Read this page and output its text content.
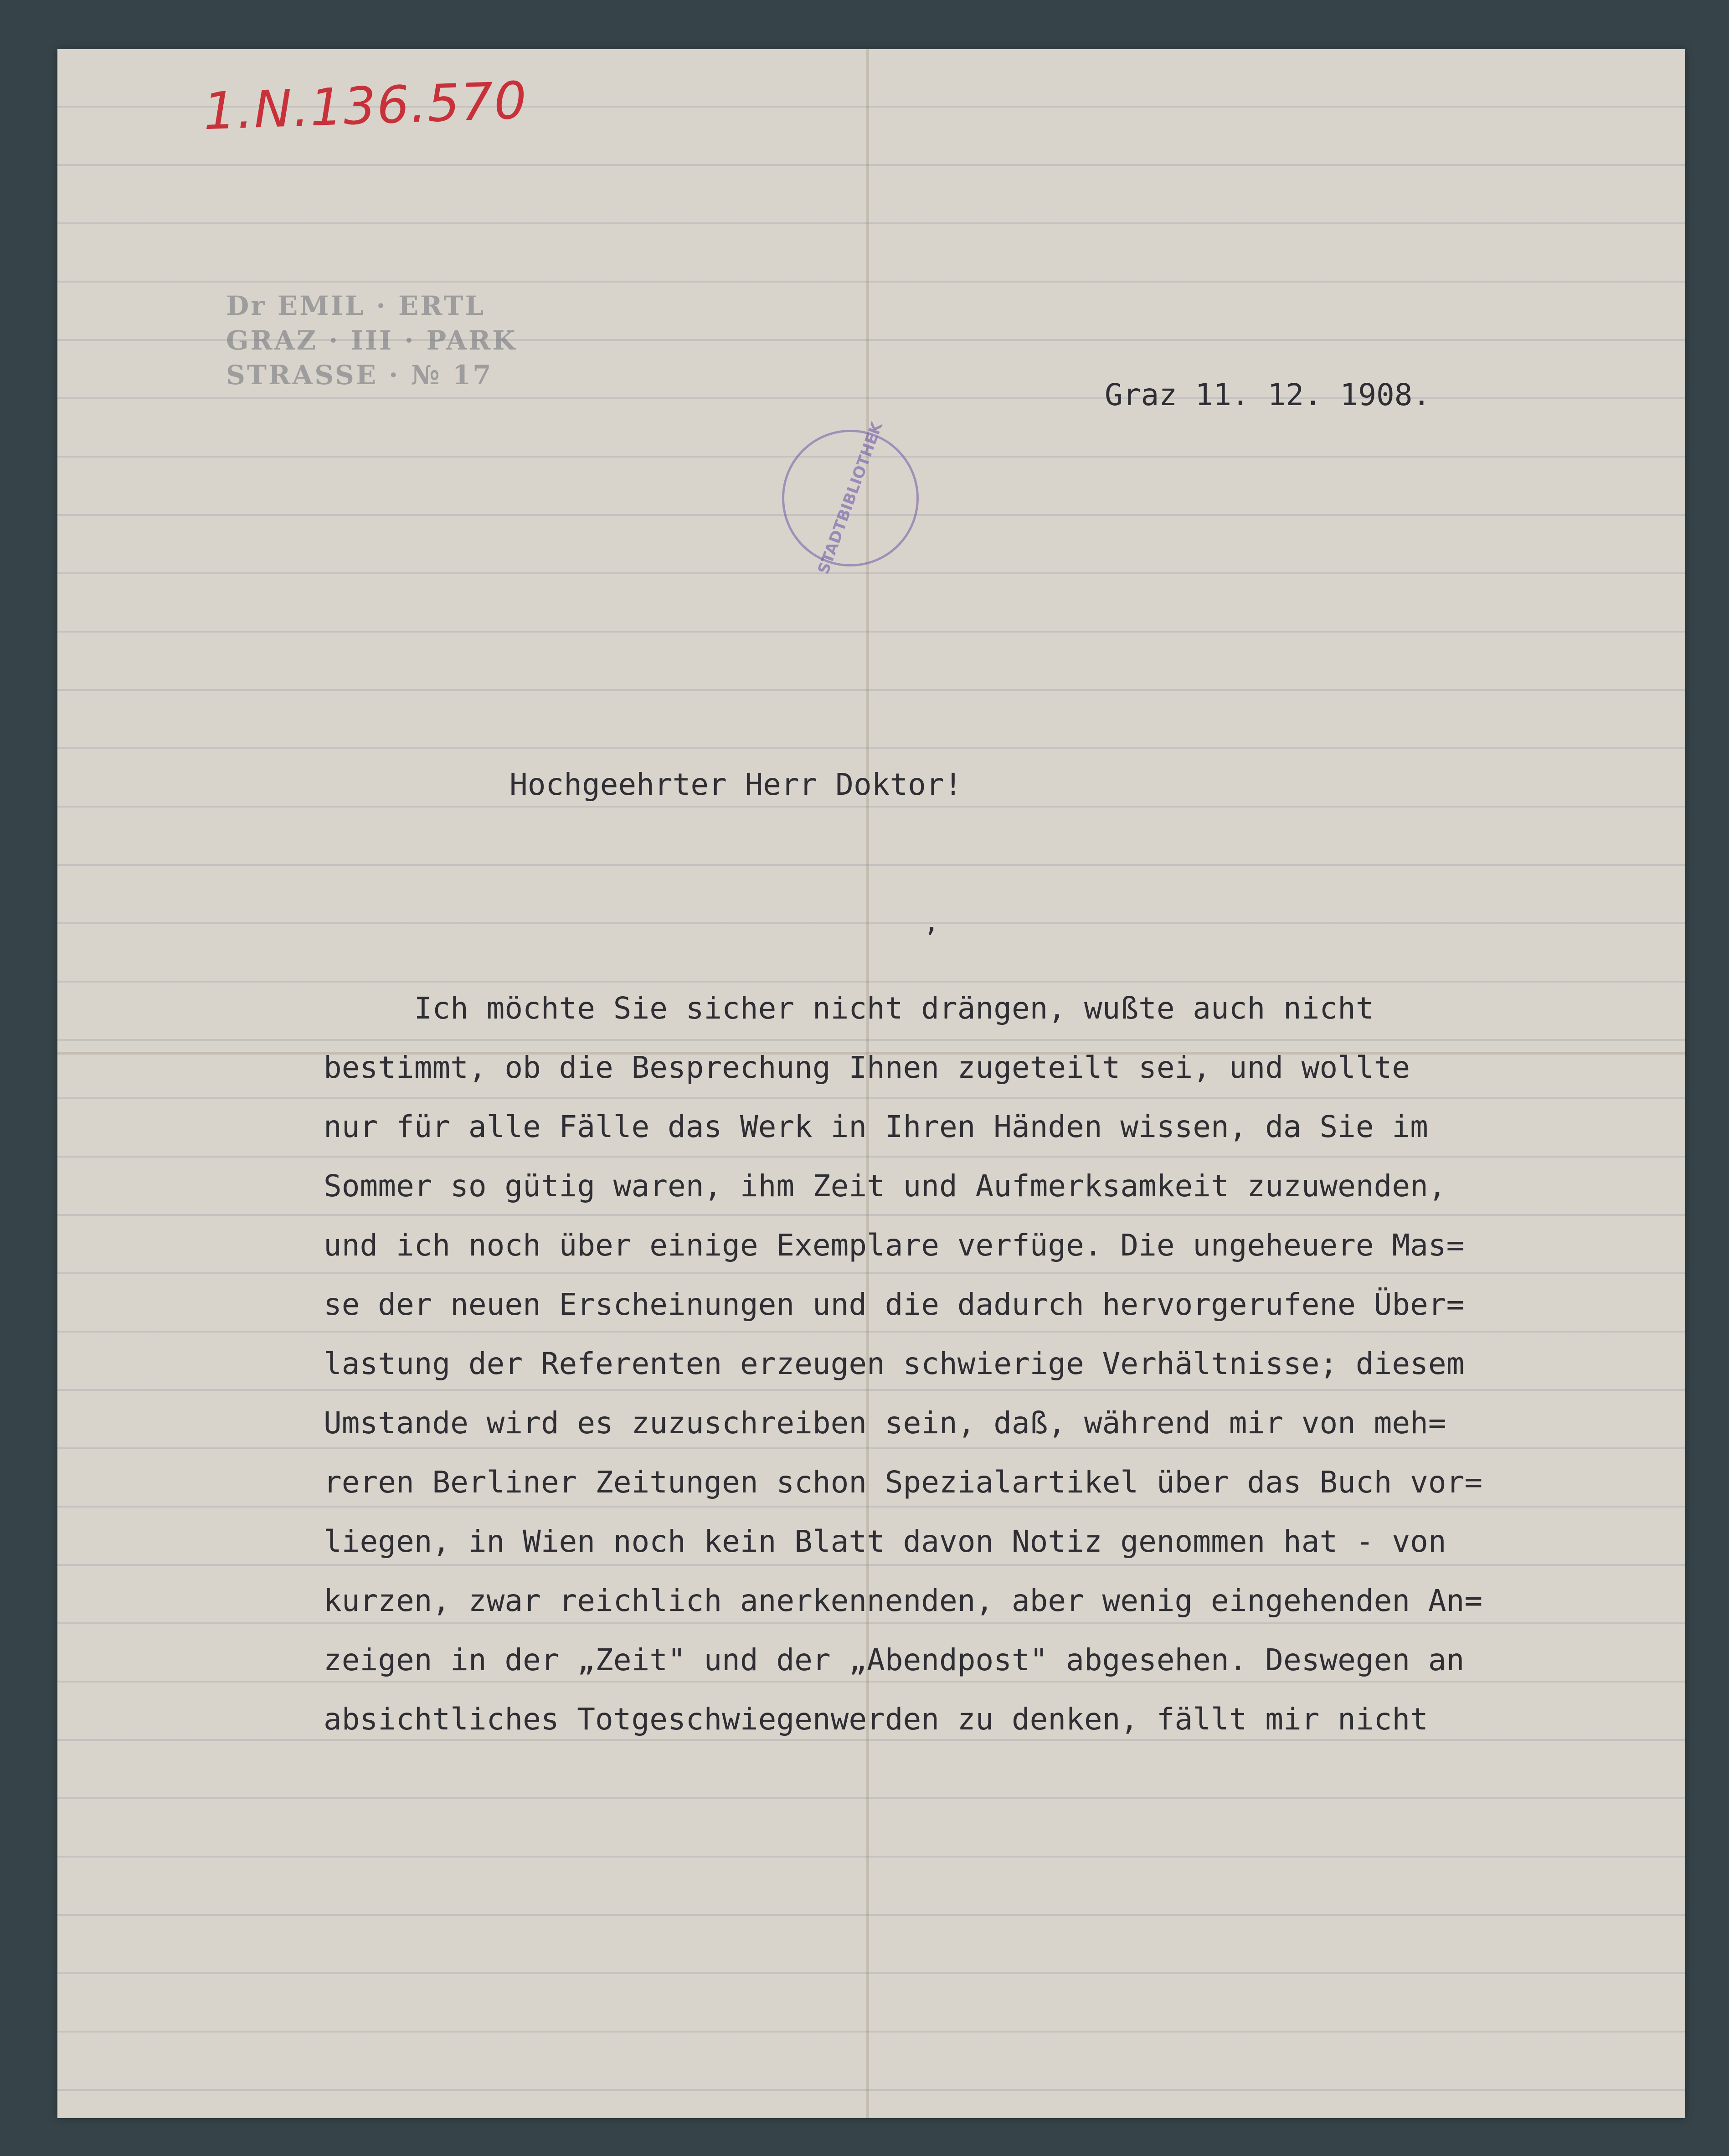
1.N.136.570
Dr EMIL · ERTL
GRAZ · III · PARK
STRASSE · № 17
STADTBIBLIOTHEK
Graz 11. 12. 1908.
Hochgeehrter Herr Doktor!
,
Ich möchte Sie sicher nicht drängen, wußte auch nicht
bestimmt, ob die Besprechung Ihnen zugeteilt sei, und wollte
nur für alle Fälle das Werk in Ihren Händen wissen, da Sie im
Sommer so gütig waren, ihm Zeit und Aufmerksamkeit zuzuwenden,
und ich noch über einige Exemplare verfüge. Die ungeheuere Mas=
se der neuen Erscheinungen und die dadurch hervorgerufene Über=
lastung der Referenten erzeugen schwierige Verhältnisse; diesem
Umstande wird es zuzuschreiben sein, daß, während mir von meh=
reren Berliner Zeitungen schon Spezialartikel über das Buch vor=
liegen, in Wien noch kein Blatt davon Notiz genommen hat - von
kurzen, zwar reichlich anerkennenden, aber wenig eingehenden An=
zeigen in der „Zeit" und der „Abendpost" abgesehen. Deswegen an
absichtliches Totgeschwiegenwerden zu denken, fällt mir nicht
